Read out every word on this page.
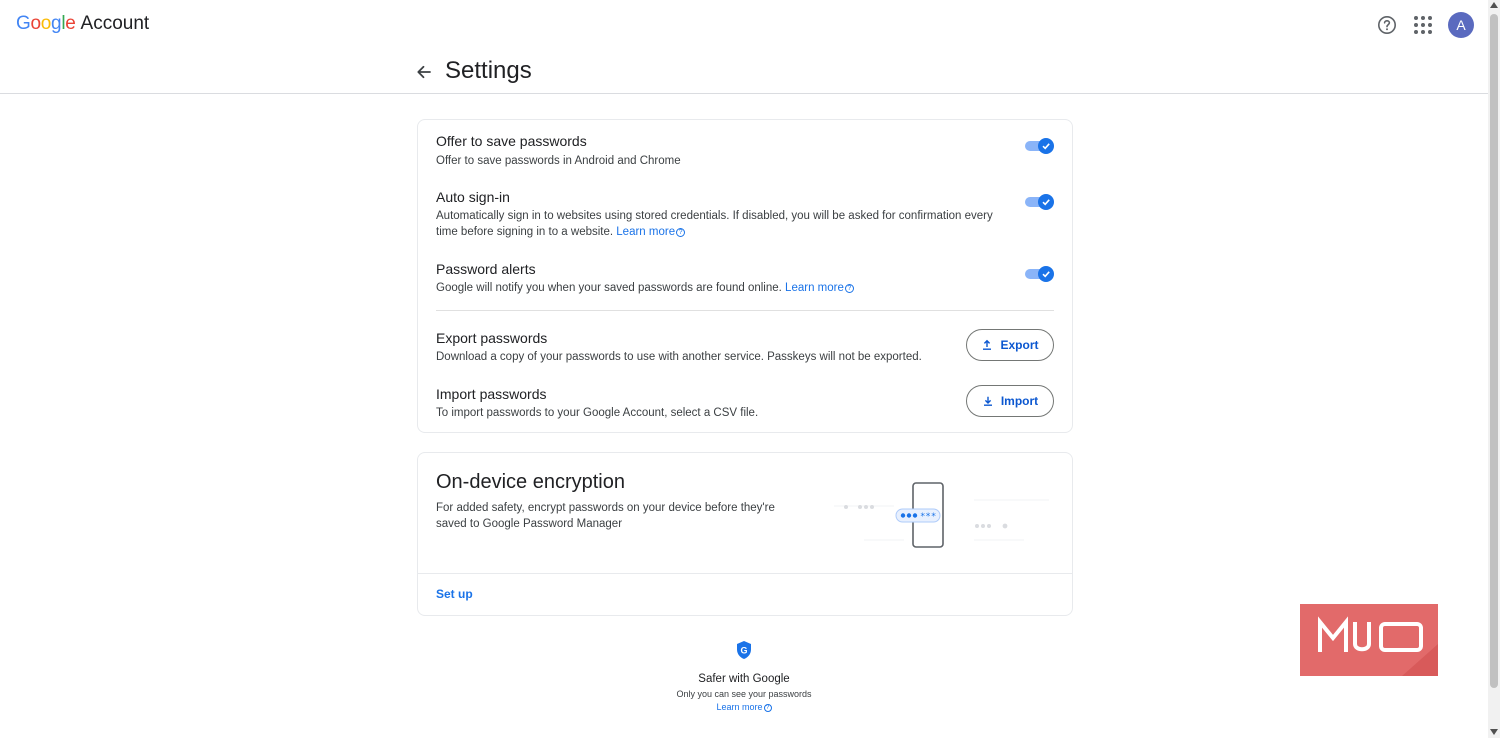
Google Account	A
Settings
Offer to save passwords
Offer to save passwords in Android and Chrome
Auto sign-in
Automatically sign in to websites using stored credentials. If disabled, you will be asked for confirmation every time before signing in to a website. Learn more ?
Password alerts
Google will notify you when your saved passwords are found online. Learn more ?
Export passwords
Download a copy of your passwords to use with another service. Passkeys will not be exported.
Export
Import passwords
To import passwords to your Google Account, select a CSV file.
Import
On-device encryption
For added safety, encrypt passwords on your device before they're saved to Google Password Manager
***
Set up
G
Safer with Google
Only you can see your passwords
Learn more ?
